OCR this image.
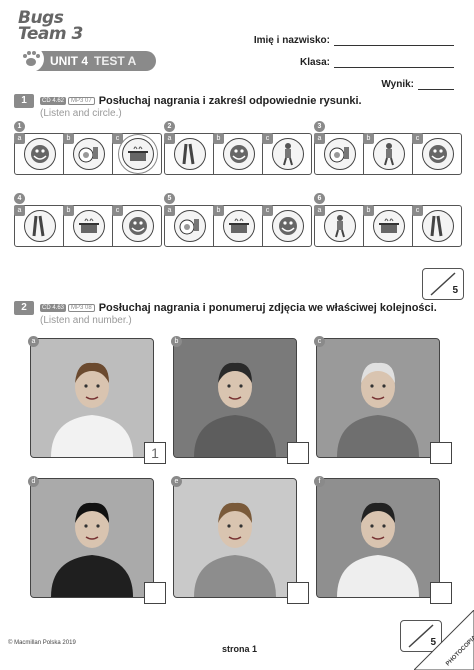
Bugs
Team 3	Imię i nazwisko:
Klasa:
Wynik:
UNIT 4 TEST A
1	CD 4.62	MP3 07 Posłuchaj nagrania i zakreśl odpowiednie rysunki.
(Listen and circle.)
1
a	b	c
2
a	b	c
3
a	b	c
4
a	b	c
5
a	b	c
6
a	b	c
5
2	CD 4.63	MP3 08 Posłuchaj nagrania i ponumeruj zdjęcia we właściwej kolejności.
(Listen and number.)
a
1
b	c
d	e	f
5
© Macmillan Polska 2019
strona 1
